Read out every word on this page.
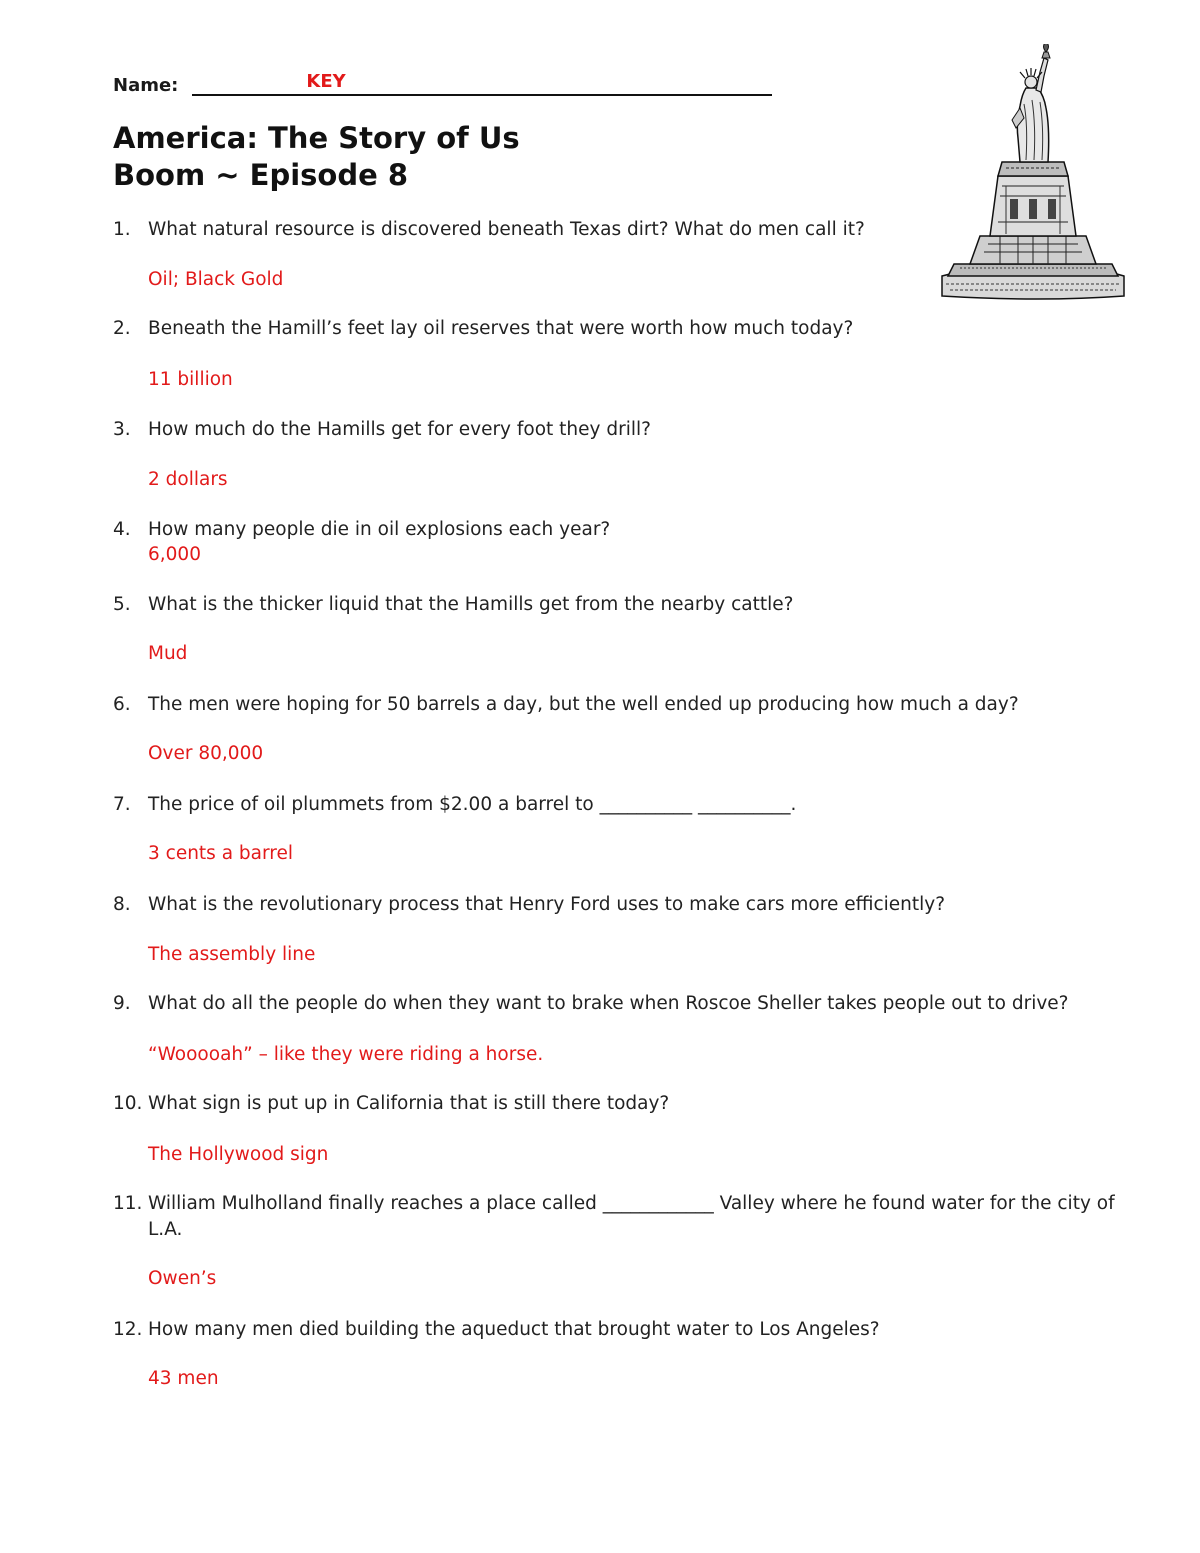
Name:	KEY
America: The Story of Us
Boom ~ Episode 8
1. What natural resource is discovered beneath Texas dirt? What do men call it?
Oil; Black Gold
2. Beneath the Hamill’s feet lay oil reserves that were worth how much today?
11 billion
3. How much do the Hamills get for every foot they drill?
2 dollars
4. How many people die in oil explosions each year?
6,000
5. What is the thicker liquid that the Hamills get from the nearby cattle?
Mud
6. The men were hoping for 50 barrels a day, but the well ended up producing how much a day?
Over 80,000
7. The price of oil plummets from $2.00 a barrel to __________ __________.
3 cents a barrel
8. What is the revolutionary process that Henry Ford uses to make cars more efficiently?
The assembly line
9. What do all the people do when they want to brake when Roscoe Sheller takes people out to drive?
“Wooooah” – like they were riding a horse.
10. What sign is put up in California that is still there today?
The Hollywood sign
11. William Mulholland finally reaches a place called ____________ Valley where he found water for the city of L.A.
Owen’s
12. How many men died building the aqueduct that brought water to Los Angeles?
43 men
